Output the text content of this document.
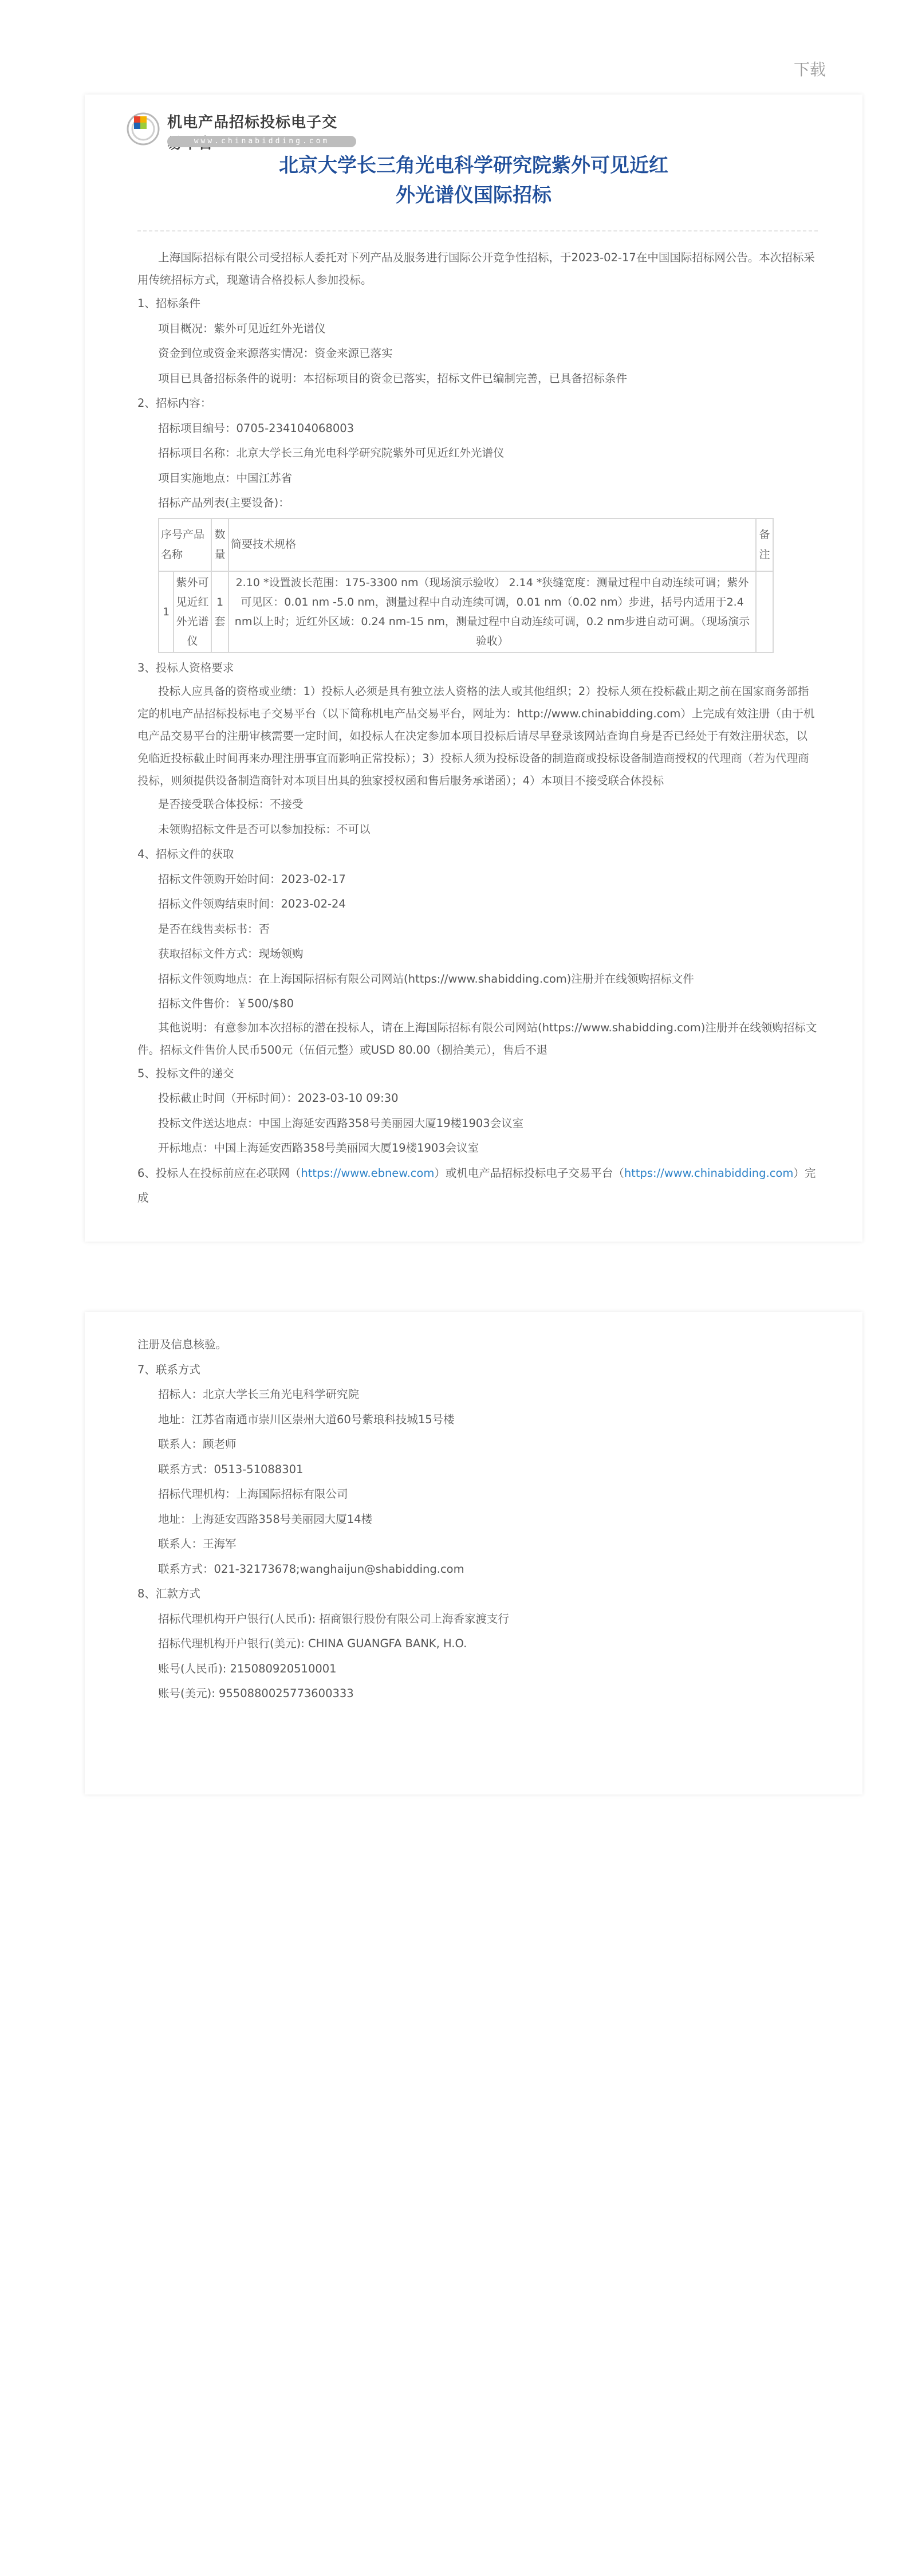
下载
机电产品招标投标电子交
www.chinabidding.com
北京大学长三角光电科学研究院紫外可见近红
外光谱仪国际招标

上海国际招标有限公司受招标人委托对下列产品及服务进行国际公开竞争性招标，于2023-02-17在中国国际招标网公告。本次招标采用传统招标方式，现邀请合格投标人参加投标。

1、招标条件

项目概况：紫外可见近红外光谱仪

资金到位或资金来源落实情况：资金来源已落实

项目已具备招标条件的说明：本招标项目的资金已落实，招标文件已编制完善，已具备招标条件

2、招标内容：

招标项目编号：0705-234104068003

招标项目名称：北京大学长三角光电科学研究院紫外可见近红外光谱仪

项目实施地点：中国江苏省

招标产品列表(主要设备)：

序号产品名称		数量	简要技术规格	备注
1	紫外可见近红外光谱仪	1套	2.10 *设置波长范围：175-3300 nm（现场演示验收） 2.14 *狭缝宽度：测量过程中自动连续可调；紫外可见区：0.01 nm -5.0 nm，测量过程中自动连续可调，0.01 nm（0.02 nm）步进，括号内适用于2.4 nm以上时；近红外区域：0.24 nm-15 nm，测量过程中自动连续可调，0.2 nm步进自动可调。（现场演示验收）	

3、投标人资格要求

投标人应具备的资格或业绩：1）投标人必须是具有独立法人资格的法人或其他组织；2）投标人须在投标截止期之前在国家商务部指定的机电产品招标投标电子交易平台（以下简称机电产品交易平台，网址为：http://www.chinabidding.com）上完成有效注册（由于机电产品交易平台的注册审核需要一定时间，如投标人在决定参加本项目投标后请尽早登录该网站查询自身是否已经处于有效注册状态，以免临近投标截止时间再来办理注册事宜而影响正常投标）；3）投标人须为投标设备的制造商或投标设备制造商授权的代理商（若为代理商投标，则须提供设备制造商针对本项目出具的独家授权函和售后服务承诺函）；4）本项目不接受联合体投标

是否接受联合体投标：不接受

未领购招标文件是否可以参加投标：不可以

4、招标文件的获取

招标文件领购开始时间：2023-02-17

招标文件领购结束时间：2023-02-24

是否在线售卖标书：否

获取招标文件方式：现场领购

招标文件领购地点：在上海国际招标有限公司网站(https://www.shabidding.com)注册并在线领购招标文件

招标文件售价：￥500/$80

其他说明：有意参加本次招标的潜在投标人，请在上海国际招标有限公司网站(https://www.shabidding.com)注册并在线领购招标文件。招标文件售价人民币500元（伍佰元整）或USD 80.00（捌拾美元），售后不退

5、投标文件的递交

投标截止时间（开标时间）：2023-03-10 09:30

投标文件送达地点：中国上海延安西路358号美丽园大厦19楼1903会议室

开标地点：中国上海延安西路358号美丽园大厦19楼1903会议室

6、投标人在投标前应在必联网（https://www.ebnew.com）或机电产品招标投标电子交易平台（https://www.chinabidding.com）完成

注册及信息核验。

7、联系方式

招标人：北京大学长三角光电科学研究院

地址：江苏省南通市崇川区崇州大道60号紫琅科技城15号楼

联系人：顾老师

联系方式：0513-51088301

招标代理机构：上海国际招标有限公司

地址：上海延安西路358号美丽园大厦14楼

联系人：王海军

联系方式：021-32173678;wanghaijun@shabidding.com

8、汇款方式

招标代理机构开户银行(人民币): 招商银行股份有限公司上海香家渡支行

招标代理机构开户银行(美元): CHINA GUANGFA BANK, H.O.

账号(人民币): 215080920510001

账号(美元): 9550880025773600333
